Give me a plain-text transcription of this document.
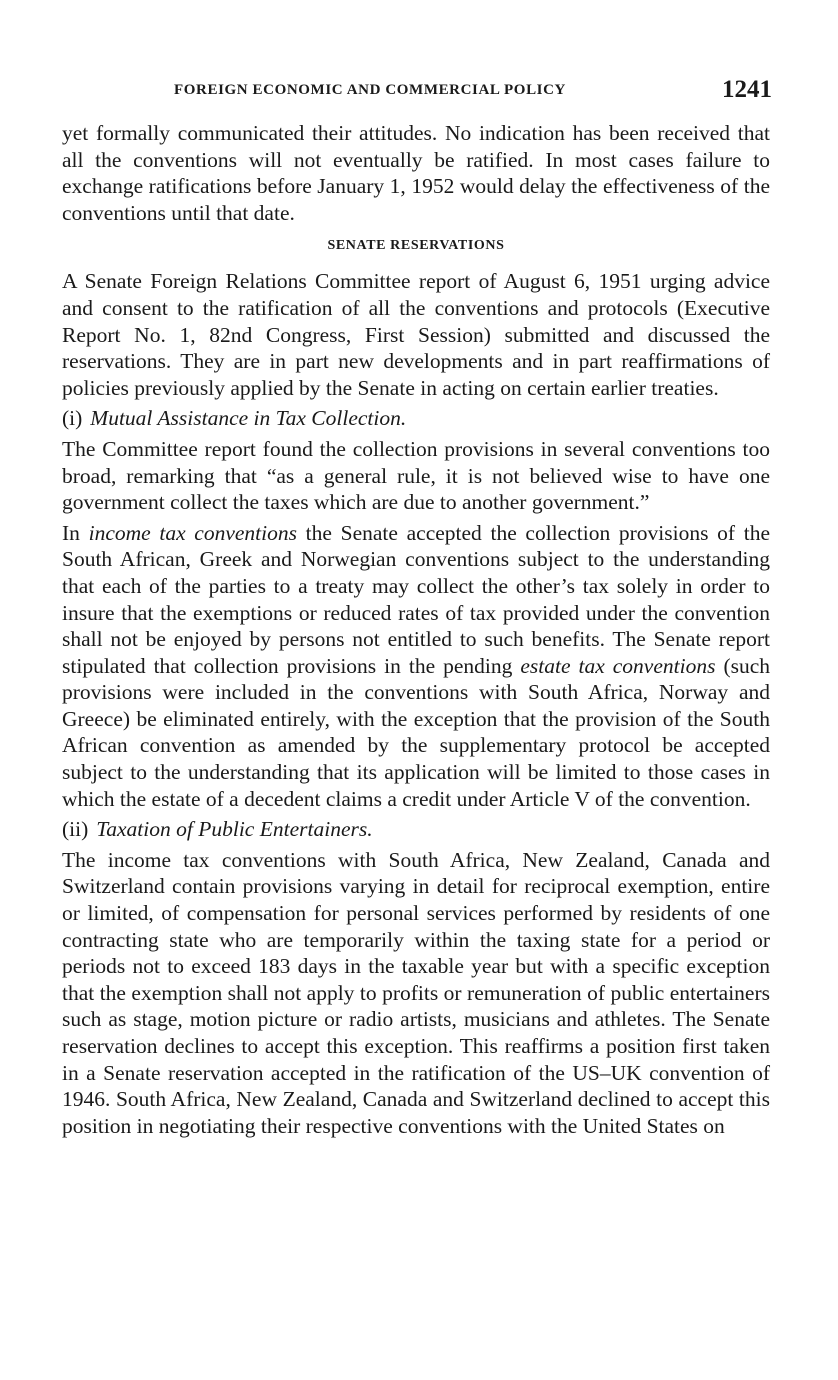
FOREIGN ECONOMIC AND COMMERCIAL POLICY	1241

yet formally communicated their attitudes. No indication has been received that all the conventions will not eventually be ratified. In most cases failure to exchange ratifications before January 1, 1952 would delay the effectiveness of the conventions until that date.

SENATE RESERVATIONS

A Senate Foreign Relations Committee report of August 6, 1951 urging advice and consent to the ratification of all the conventions and protocols (Executive Report No. 1, 82nd Congress, First Session) submitted and discussed the reservations. They are in part new developments and in part reaffirmations of policies previously applied by the Senate in acting on certain earlier treaties.

(i) Mutual Assistance in Tax Collection.

The Committee report found the collection provisions in several conventions too broad, remarking that “as a general rule, it is not believed wise to have one government collect the taxes which are due to another government.”

In income tax conventions the Senate accepted the collection provisions of the South African, Greek and Norwegian conventions subject to the understanding that each of the parties to a treaty may collect the other’s tax solely in order to insure that the exemptions or reduced rates of tax provided under the convention shall not be enjoyed by persons not entitled to such benefits. The Senate report stipulated that collection provisions in the pending estate tax conventions (such provisions were included in the conventions with South Africa, Norway and Greece) be eliminated entirely, with the exception that the provision of the South African convention as amended by the supplementary protocol be accepted subject to the understanding that its application will be limited to those cases in which the estate of a decedent claims a credit under Article V of the convention.

(ii) Taxation of Public Entertainers.

The income tax conventions with South Africa, New Zealand, Canada and Switzerland contain provisions varying in detail for reciprocal exemption, entire or limited, of compensation for personal services performed by residents of one contracting state who are temporarily within the taxing state for a period or periods not to exceed 183 days in the taxable year but with a specific exception that the exemption shall not apply to profits or remuneration of public entertainers such as stage, motion picture or radio artists, musicians and athletes. The Senate reservation declines to accept this exception. This reaffirms a position first taken in a Senate reservation accepted in the ratification of the US–UK convention of 1946. South Africa, New Zealand, Canada and Switzerland declined to accept this position in negotiating their respective conventions with the United States on
